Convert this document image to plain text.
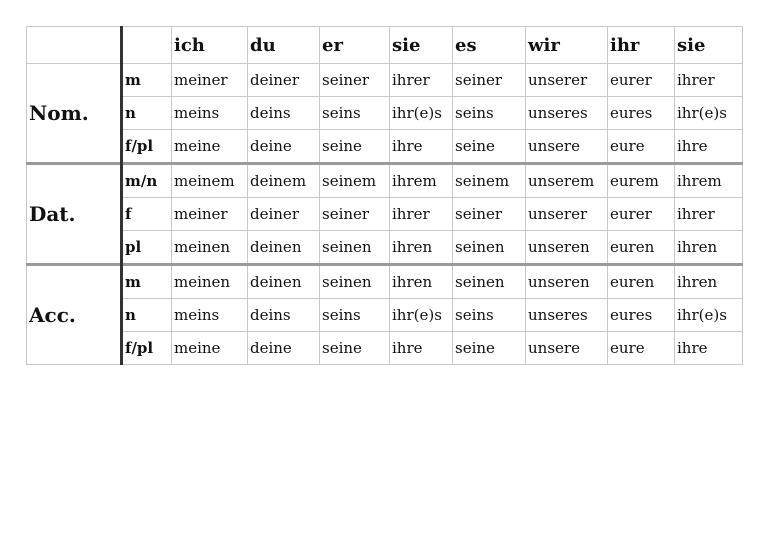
		ich	du	er	sie	es	wir	ihr	sie
Nom.	m	meiner	deiner	seiner	ihrer	seiner	unserer	eurer	ihrer
	n	meins	deins	seins	ihr(e)s	seins	unseres	eures	ihr(e)s
	f/pl	meine	deine	seine	ihre	seine	unsere	eure	ihre
Dat.	m/n	meinem	deinem	seinem	ihrem	seinem	unserem	eurem	ihrem
	f	meiner	deiner	seiner	ihrer	seiner	unserer	eurer	ihrer
	pl	meinen	deinen	seinen	ihren	seinen	unseren	euren	ihren
Acc.	m	meinen	deinen	seinen	ihren	seinen	unseren	euren	ihren
	n	meins	deins	seins	ihr(e)s	seins	unseres	eures	ihr(e)s
	f/pl	meine	deine	seine	ihre	seine	unsere	eure	ihre
